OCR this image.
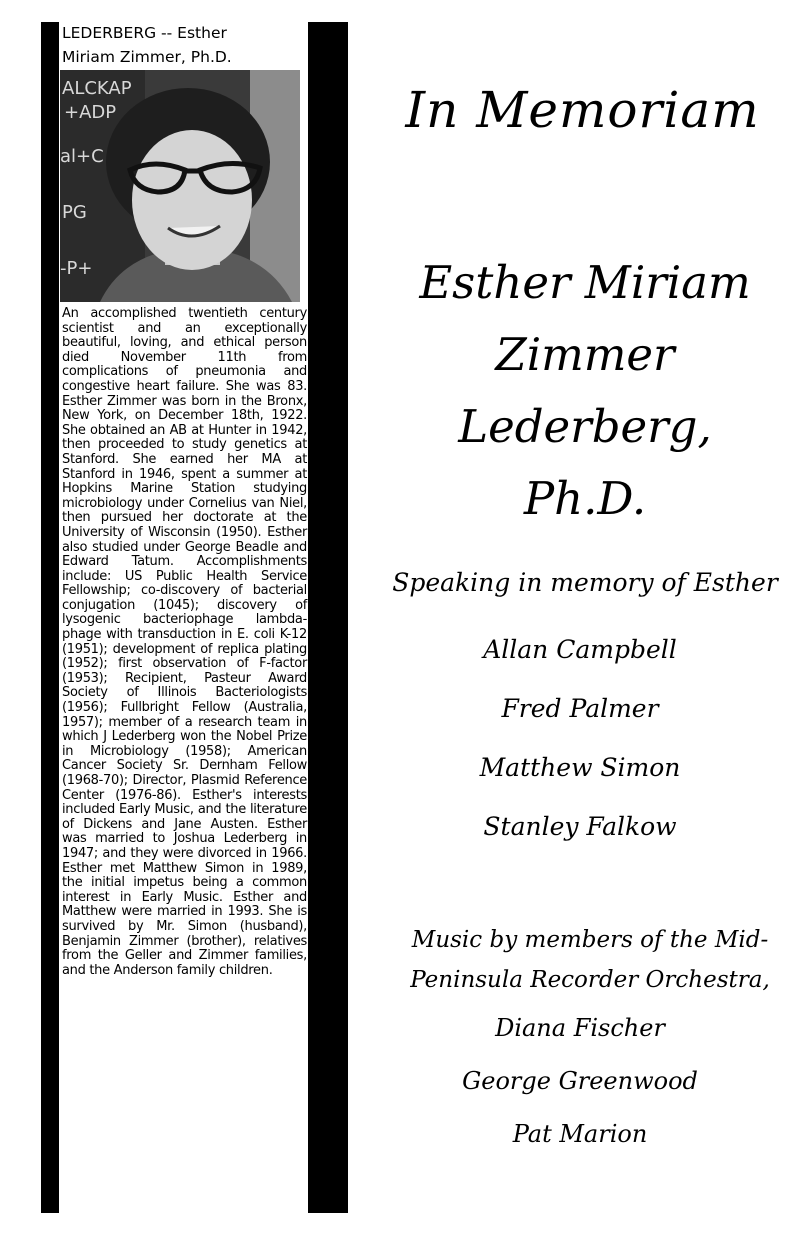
LEDERBERG -- Esther
Miriam Zimmer, Ph.D.
ALCKAP
+ADP
al+C
PG
-P+
An accomplished twentieth century scientist and an exceptionally beautiful, loving, and ethical person died November 11th from complications of pneumonia and congestive heart failure. She was 83. Esther Zimmer was born in the Bronx, New York, on December 18th, 1922. She obtained an AB at Hunter in 1942, then proceeded to study genetics at Stanford. She earned her MA at Stanford in 1946, spent a summer at Hopkins Marine Station studying microbiology under Cornelius van Niel, then pursued her doctorate at the University of Wisconsin (1950). Esther also studied under George Beadle and Edward Tatum. Accomplishments include: US Public Health Service Fellowship; co-discovery of bacterial conjugation (1045); discovery of lysogenic bacteriophage lambda-phage with transduction in E. coli K-12 (1951); development of replica plating (1952); first observation of F-factor (1953); Recipient, Pasteur Award Society of Illinois Bacteriologists (1956); Fullbright Fellow (Australia, 1957); member of a research team in which J Lederberg won the Nobel Prize in Microbiology (1958); American Cancer Society Sr. Dernham Fellow (1968-70); Director, Plasmid Reference Center (1976-86). Esther's interests included Early Music, and the literature of Dickens and Jane Austen. Esther was married to Joshua Lederberg in 1947; and they were divorced in 1966. Esther met Matthew Simon in 1989, the initial impetus being a common interest in Early Music. Esther and Matthew were married in 1993. She is survived by Mr. Simon (husband), Benjamin Zimmer (brother), relatives from the Geller and Zimmer families, and the Anderson family children.
In Memoriam
Esther Miriam
Zimmer
Lederberg,
Ph.D.
Speaking in memory of Esther
Allan Campbell
Fred Palmer
Matthew Simon
Stanley Falkow
Music by members of the Mid-
Peninsula Recorder Orchestra,
Diana Fischer
George Greenwood
Pat Marion
